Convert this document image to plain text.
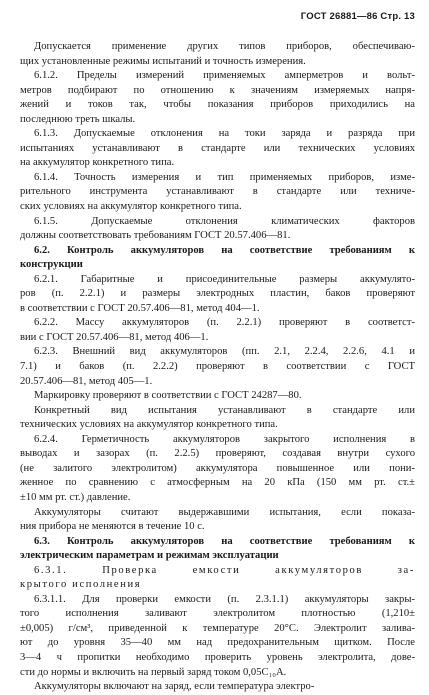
ГОСТ 26881—86 Стр. 13
Допускается применение других типов приборов, обеспечиваю-
щих установленные режимы испытаний и точность измерения.
6.1.2. Пределы измерений применяемых амперметров и вольт-
метров подбирают по отношению к значениям измеряемых напря-
жений и токов так, чтобы показания приборов приходились на
последнюю треть шкалы.
6.1.3. Допускаемые отклонения на токи заряда и разряда при
испытаниях устанавливают в стандарте или технических условиях
на аккумулятор конкретного типа.
6.1.4. Точность измерения и тип применяемых приборов, изме-
рительного инструмента устанавливают в стандарте или техниче-
ских условиях на аккумулятор конкретного типа.
6.1.5. Допускаемые отклонения климатических факторов
должны соответствовать требованиям ГОСТ 20.57.406—81.
6.2. Контроль аккумуляторов на соответствие требованиям к
конструкции
6.2.1. Габаритные и присоединительные размеры аккумулято-
ров (п. 2.2.1) и размеры электродных пластин, баков проверяют
в соответствии с ГОСТ 20.57.406—81, метод 404—1.
6.2.2. Массу аккумуляторов (п. 2.2.1) проверяют в соответст-
вии с ГОСТ 20.57.406—81, метод 406—1.
6.2.3. Внешний вид аккумуляторов (пп. 2.1, 2.2.4, 2.2.6, 4.1 и
7.1) и баков (п. 2.2.2) проверяют в соответствии с ГОСТ
20.57.406—81, метод 405—1.
Маркировку проверяют в соответствии с ГОСТ 24287—80.
Конкретный вид испытания устанавливают в стандарте или
технических условиях на аккумулятор конкретного типа.
6.2.4. Герметичность аккумуляторов закрытого исполнения в
выводах и зазорах (п. 2.2.5) проверяют, создавая внутри сухого
(не залитого электролитом) аккумулятора повышенное или пони-
женное по сравнению с атмосферным на 20 кПа (150 мм рт. ст.±
±10 мм рт. ст.) давление.
Аккумуляторы считают выдержавшими испытания, если показа-
ния прибора не меняются в течение 10 с.
6.3. Контроль аккумуляторов на соответствие требованиям к
электрическим параметрам и режимам эксплуатации
6.3.1. Проверка емкости аккумуляторов за-
крытого исполнения
6.3.1.1. Для проверки емкости (п. 2.3.1.1) аккумуляторы закры-
того исполнения заливают электролитом плотностью (1,210±
±0,005) г/см³, приведенной к температуре 20°С. Электролит залива-
ют до уровня 35—40 мм над предохранительным щитком. После
3—4 ч пропитки необходимо проверить уровень электролита, дове-
сти до нормы и включить на первый заряд током 0,05C₁₀A.
Аккумуляторы включают на заряд, если температура электро-
